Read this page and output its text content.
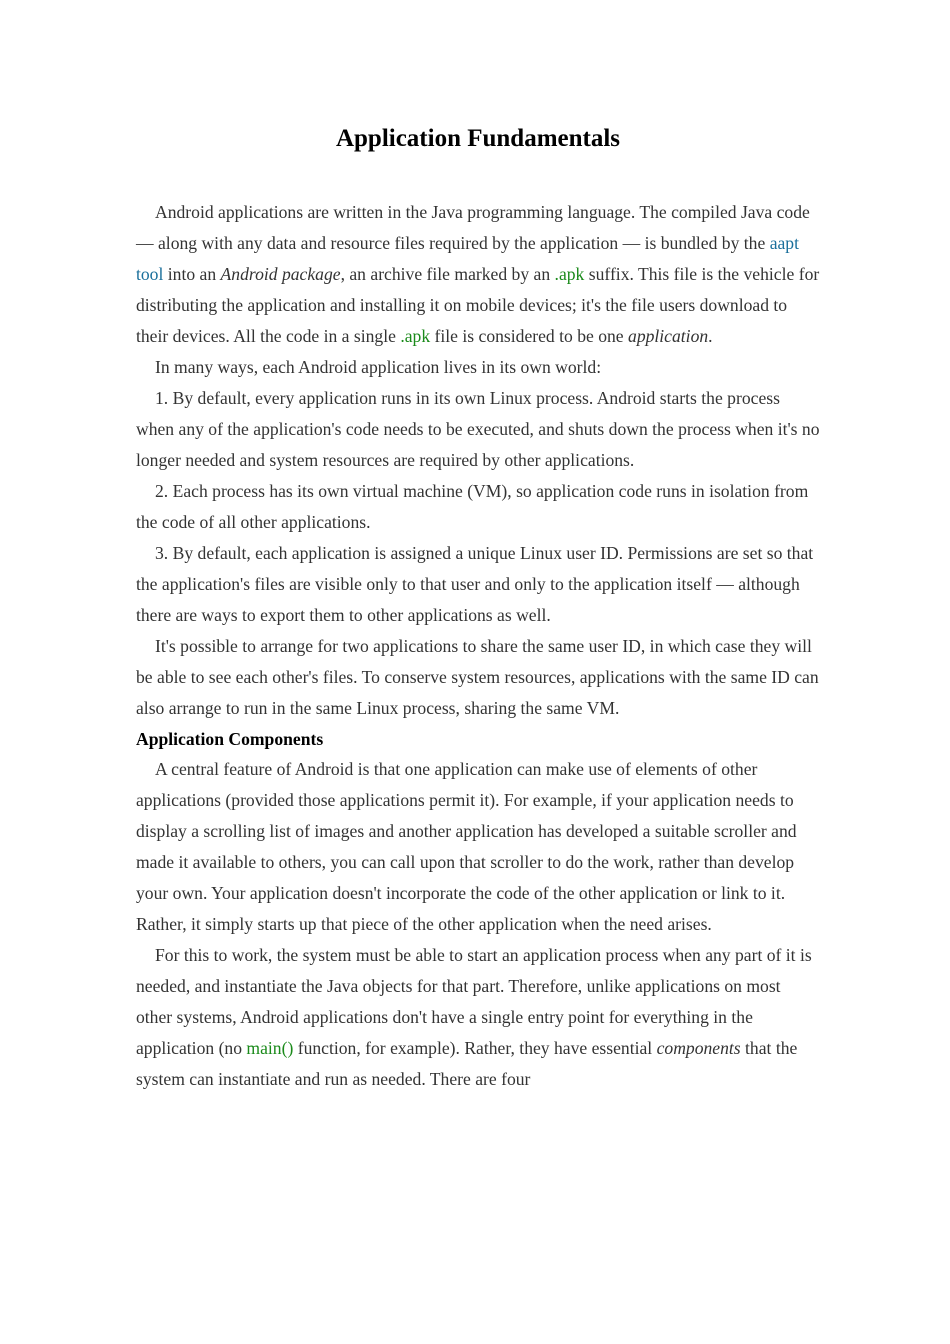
Application Fundamentals

Android applications are written in the Java programming language. The compiled Java code — along with any data and resource files required by the application — is bundled by the aapt tool into an Android package, an archive file marked by an .apk suffix. This file is the vehicle for distributing the application and installing it on mobile devices; it's the file users download to their devices. All the code in a single .apk file is considered to be one application.

In many ways, each Android application lives in its own world:

1. By default, every application runs in its own Linux process. Android starts the process when any of the application's code needs to be executed, and shuts down the process when it's no longer needed and system resources are required by other applications.

2. Each process has its own virtual machine (VM), so application code runs in isolation from the code of all other applications.

3. By default, each application is assigned a unique Linux user ID. Permissions are set so that the application's files are visible only to that user and only to the application itself — although there are ways to export them to other applications as well.

It's possible to arrange for two applications to share the same user ID, in which case they will be able to see each other's files. To conserve system resources, applications with the same ID can also arrange to run in the same Linux process, sharing the same VM.

Application Components

A central feature of Android is that one application can make use of elements of other applications (provided those applications permit it). For example, if your application needs to display a scrolling list of images and another application has developed a suitable scroller and made it available to others, you can call upon that scroller to do the work, rather than develop your own. Your application doesn't incorporate the code of the other application or link to it. Rather, it simply starts up that piece of the other application when the need arises.

For this to work, the system must be able to start an application process when any part of it is needed, and instantiate the Java objects for that part. Therefore, unlike applications on most other systems, Android applications don't have a single entry point for everything in the application (no main() function, for example). Rather, they have essential components that the system can instantiate and run as needed. There are four
